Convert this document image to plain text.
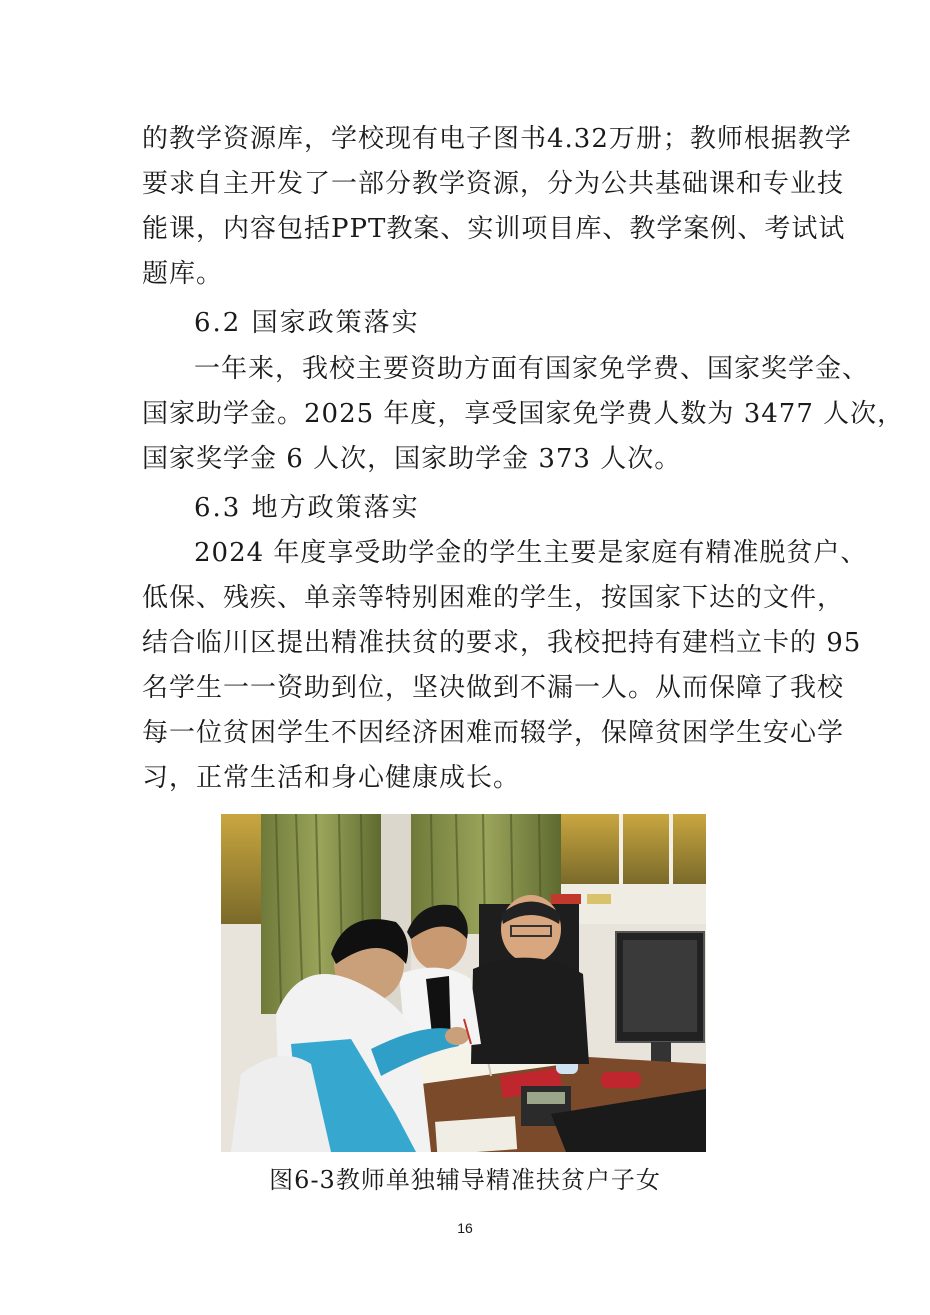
的教学资源库，学校现有电子图书4.32万册；教师根据教学
要求自主开发了一部分教学资源，分为公共基础课和专业技
能课，内容包括PPT教案、实训项目库、教学案例、考试试
题库。
6.2 国家政策落实
一年来，我校主要资助方面有国家免学费、国家奖学金、
国家助学金。2025 年度，享受国家免学费人数为 3477 人次，
国家奖学金 6 人次，国家助学金 373 人次。
6.3 地方政策落实
2024 年度享受助学金的学生主要是家庭有精准脱贫户、
低保、残疾、单亲等特别困难的学生，按国家下达的文件，
结合临川区提出精准扶贫的要求，我校把持有建档立卡的 95
名学生一一资助到位，坚决做到不漏一人。从而保障了我校
每一位贫困学生不因经济困难而辍学，保障贫困学生安心学
习，正常生活和身心健康成长。
图6-3教师单独辅导精准扶贫户子女
16
